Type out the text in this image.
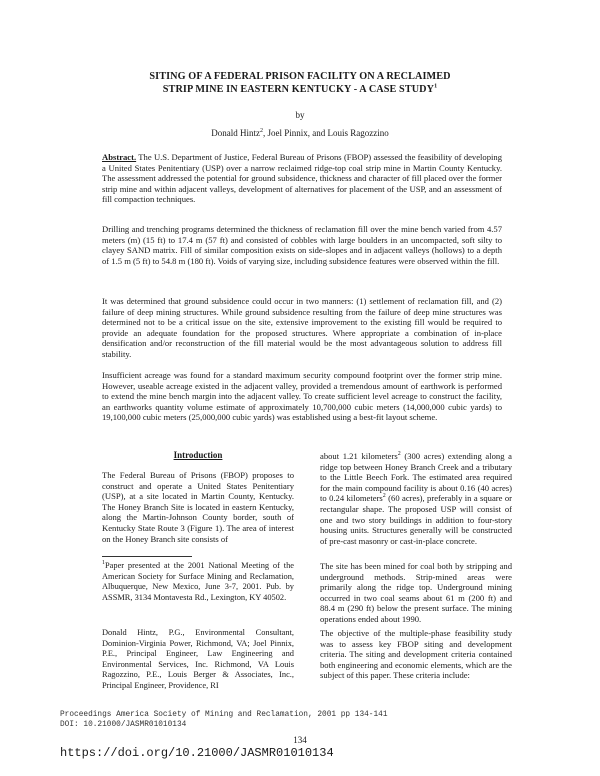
SITING OF A FEDERAL PRISON FACILITY ON A RECLAIMED
STRIP MINE IN EASTERN KENTUCKY - A CASE STUDY$^1$
by
Donald Hintz$^2$, Joel Pinnix, and Louis Ragozzino

Abstract. The U.S. Department of Justice, Federal Bureau of Prisons (FBOP) assessed the feasibility of developing a United States Penitentiary (USP) over a narrow reclaimed ridge-top coal strip mine in Martin County Kentucky. The assessment addressed the potential for ground subsidence, thickness and character of fill placed over the former strip mine and within adjacent valleys, development of alternatives for placement of the USP, and an assessment of fill compaction techniques.

Drilling and trenching programs determined the thickness of reclamation fill over the mine bench varied from 4.57 meters (m) (15 ft) to 17.4 m (57 ft) and consisted of cobbles with large boulders in an uncompacted, soft silty to clayey SAND matrix. Fill of similar composition exists on side-slopes and in adjacent valleys (hollows) to a depth of 1.5 m (5 ft) to 54.8 m (180 ft). Voids of varying size, including subsidence features were observed within the fill.

It was determined that ground subsidence could occur in two manners: (1) settlement of reclamation fill, and (2) failure of deep mining structures. While ground subsidence resulting from the failure of deep mine structures was determined not to be a critical issue on the site, extensive improvement to the existing fill would be required to provide an adequate foundation for the proposed structures. Where appropriate a combination of in-place densification and/or reconstruction of the fill material would be the most advantageous solution to address fill stability.

Insufficient acreage was found for a standard maximum security compound footprint over the former strip mine. However, useable acreage existed in the adjacent valley, provided a tremendous amount of earthwork is performed to extend the mine bench margin into the adjacent valley. To create sufficient level acreage to construct the facility, an earthworks quantity volume estimate of approximately 10,700,000 cubic meters (14,000,000 cubic yards) to 19,100,000 cubic meters (25,000,000 cubic yards) was established using a best-fit layout scheme.

Introduction

The Federal Bureau of Prisons (FBOP) proposes to construct and operate a United States Penitentiary (USP), at a site located in Martin County, Kentucky. The Honey Branch Site is located in eastern Kentucky, along the Martin-Johnson County border, south of Kentucky State Route 3 (Figure 1). The area of interest on the Honey Branch site consists of

$^1$Paper presented at the 2001 National Meeting of the American Society for Surface Mining and Reclamation, Albuquerque, New Mexico, June 3-7, 2001. Pub. by ASSMR, 3134 Montavesta Rd., Lexington, KY 40502.

Donald Hintz, P.G., Environmental Consultant, Dominion-Virginia Power, Richmond, VA; Joel Pinnix, P.E., Principal Engineer, Law Engineering and Environmental Services, Inc. Richmond, VA Louis Ragozzino, P.E., Louis Berger & Associates, Inc., Principal Engineer, Providence, RI

about 1.21 kilometers$^2$ (300 acres) extending along a ridge top between Honey Branch Creek and a tributary to the Little Beech Fork. The estimated area required for the main compound facility is about 0.16 (40 acres) to 0.24 kilometers$^2$ (60 acres), preferably in a square or rectangular shape. The proposed USP will consist of one and two story buildings in addition to four-story housing units. Structures generally will be constructed of pre-cast masonry or cast-in-place concrete.

The site has been mined for coal both by stripping and underground methods. Strip-mined areas were primarily along the ridge top. Underground mining occurred in two coal seams about 61 m (200 ft) and 88.4 m (290 ft) below the present surface. The mining operations ended about 1990.

The objective of the multiple-phase feasibility study was to assess key FBOP siting and development criteria. The siting and development criteria contained both engineering and economic elements, which are the subject of this paper. These criteria include:

Proceedings America Society of Mining and Reclamation, 2001 pp 134-141
DOI: 10.21000/JASMR01010134
134
https://doi.org/10.21000/JASMR01010134
